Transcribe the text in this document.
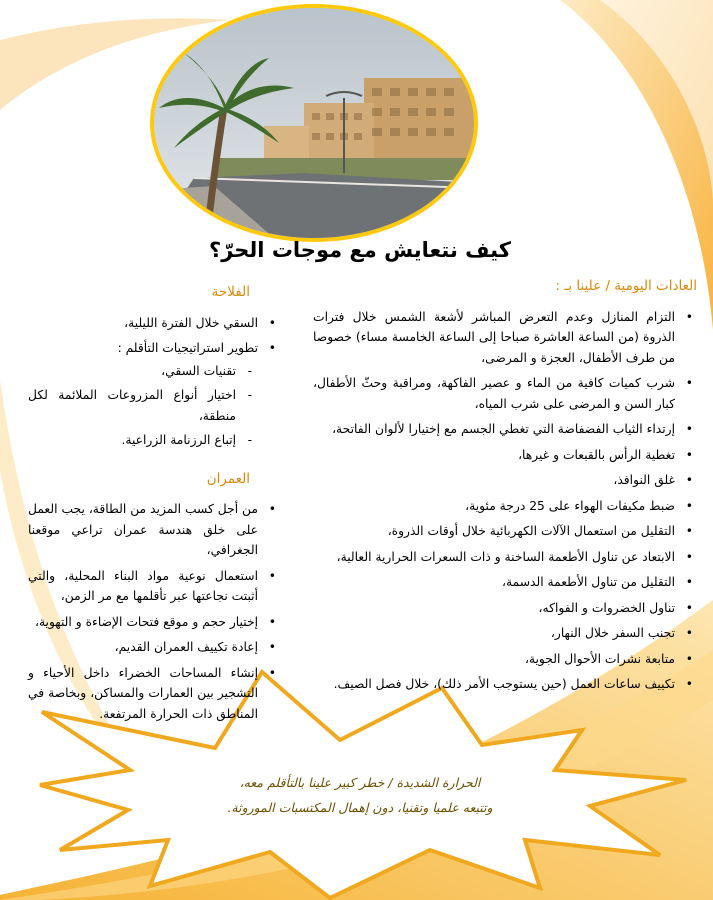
كيف نتعايش مع موجات الحرّ؟
العادات اليومية / علينا بـ :
•
التزام المنازل وعدم التعرض المباشر لأشعة الشمس خلال فترات الذروة (من الساعة العاشرة صباحا إلى الساعة الخامسة مساء) خصوصا من طرف الأطفال، العجزة و المرضى،
•
شرب كميات كافية من الماء و عصير الفاكهة، ومراقبة وحثّ الأطفال، كبار السن و المرضى على شرب المياه،
•
إرتداء الثياب الفضفاضة التي تغطي الجسم مع إختيارا لألوان الفاتحة،
•
تغطية الرأس بالقبعات و غيرها،
•
غلق النوافذ،
•
ضبط مكيفات الهواء على 25 درجة مئوية،
•
التقليل من استعمال الآلات الكهربائية خلال أوقات الذروة،
•
الابتعاد عن تناول الأطعمة الساخنة و ذات السعرات الحرارية العالية،
•
التقليل من تناول الأطعمة الدسمة،
•
تناول الخضروات و الفواكه،
•
تجنب السفر خلال النهار،
•
متابعة نشرات الأحوال الجوية،
•
تكييف ساعات العمل (حين يستوجب الأمر ذلك)، خلال فصل الصيف.
الفلاحة
•
السقي خلال الفترة الليلية،
•
تطوير استراتيجيات التأقلم :
-
تقنيات السقي،
-
اختيار أنواع المزروعات الملائمة لكل منطقة،
-
إتباع الرزنامة الزراعية.
العمران
•
من أجل كسب المزيد من الطاقة، يجب العمل على خلق هندسة عمران تراعي موقعنا الجغرافي،
•
استعمال نوعية مواد البناء المحلية، والتي أثبتت نجاعتها عبر تأقلمها مع مر الزمن،
•
إختيار حجم و موقع فتحات الإضاءة و التهوية،
•
إعادة تكييف العمران القديم،
•
إنشاء المساحات الخضراء داخل الأحياء و التشجير بين العمارات والمساكن، وبخاصة في المناطق ذات الحرارة المرتفعة.
الحرارة الشديدة / خطر كبير علينا بالتأقلم معه،
وتتبعه علميا وتقنيا، دون إهمال المكتسبات الموروثة.
